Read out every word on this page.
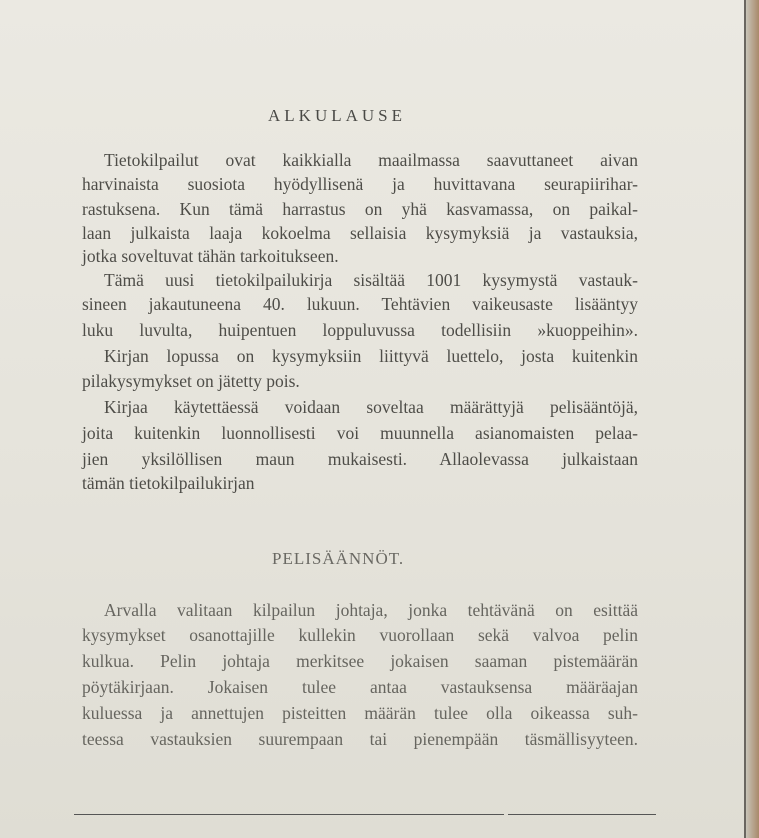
ALKULAUSE
Tietokilpailut ovat kaikkialla maailmassa saavuttaneet aivan
harvinaista suosiota hyödyllisenä ja huvittavana seurapiirihar-
rastuksena. Kun tämä harrastus on yhä kasvamassa, on paikal-
laan julkaista laaja kokoelma sellaisia kysymyksiä ja vastauksia,
jotka soveltuvat tähän tarkoitukseen.
Tämä uusi tietokilpailukirja sisältää 1001 kysymystä vastauk-
sineen jakautuneena 40. lukuun. Tehtävien vaikeusaste lisääntyy
luku luvulta, huipentuen loppuluvussa todellisiin »kuoppeihin».
Kirjan lopussa on kysymyksiin liittyvä luettelo, josta kuitenkin
pilakysymykset on jätetty pois.
Kirjaa käytettäessä voidaan soveltaa määrättyjä pelisääntöjä,
joita kuitenkin luonnollisesti voi muunnella asianomaisten pelaa-
jien yksilöllisen maun mukaisesti. Allaolevassa julkaistaan
tämän tietokilpailukirjan
PELISÄÄNNÖT.
Arvalla valitaan kilpailun johtaja, jonka tehtävänä on esittää
kysymykset osanottajille kullekin vuorollaan sekä valvoa pelin
kulkua. Pelin johtaja merkitsee jokaisen saaman pistemäärän
pöytäkirjaan. Jokaisen tulee antaa vastauksensa määräajan
kuluessa ja annettujen pisteitten määrän tulee olla oikeassa suh-
teessa vastauksien suurempaan tai pienempään täsmällisyyteen.
